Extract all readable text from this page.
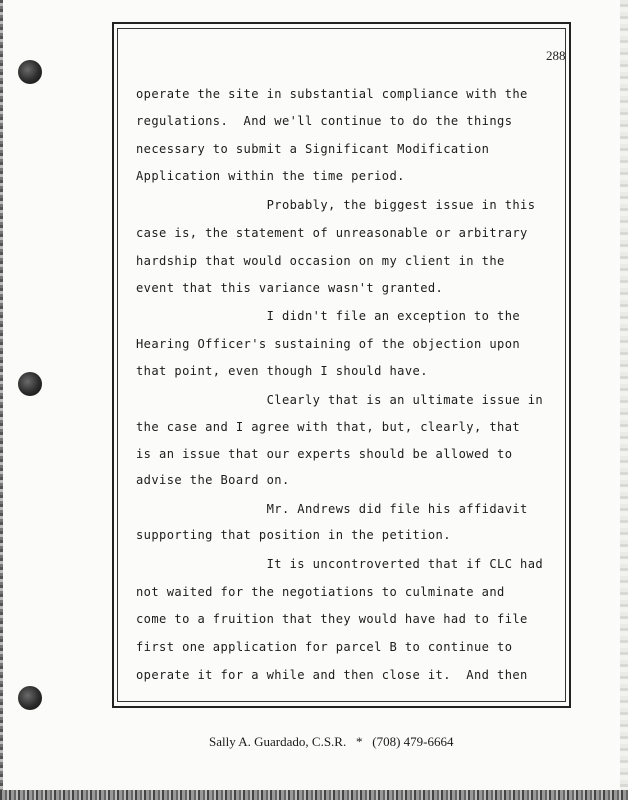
288
operate the site in substantial compliance with the
regulations.  And we'll continue to do the things
necessary to submit a Significant Modification
Application within the time period.
Probably, the biggest issue in this
case is, the statement of unreasonable or arbitrary
hardship that would occasion on my client in the
event that this variance wasn't granted.
I didn't file an exception to the
Hearing Officer's sustaining of the objection upon
that point, even though I should have.
Clearly that is an ultimate issue in
the case and I agree with that, but, clearly, that
is an issue that our experts should be allowed to
advise the Board on.
Mr. Andrews did file his affidavit
supporting that position in the petition.
It is uncontroverted that if CLC had
not waited for the negotiations to culminate and
come to a fruition that they would have had to file
first one application for parcel B to continue to
operate it for a while and then close it.  And then
Sally A. Guardado, C.S.R. * (708) 479-6664
